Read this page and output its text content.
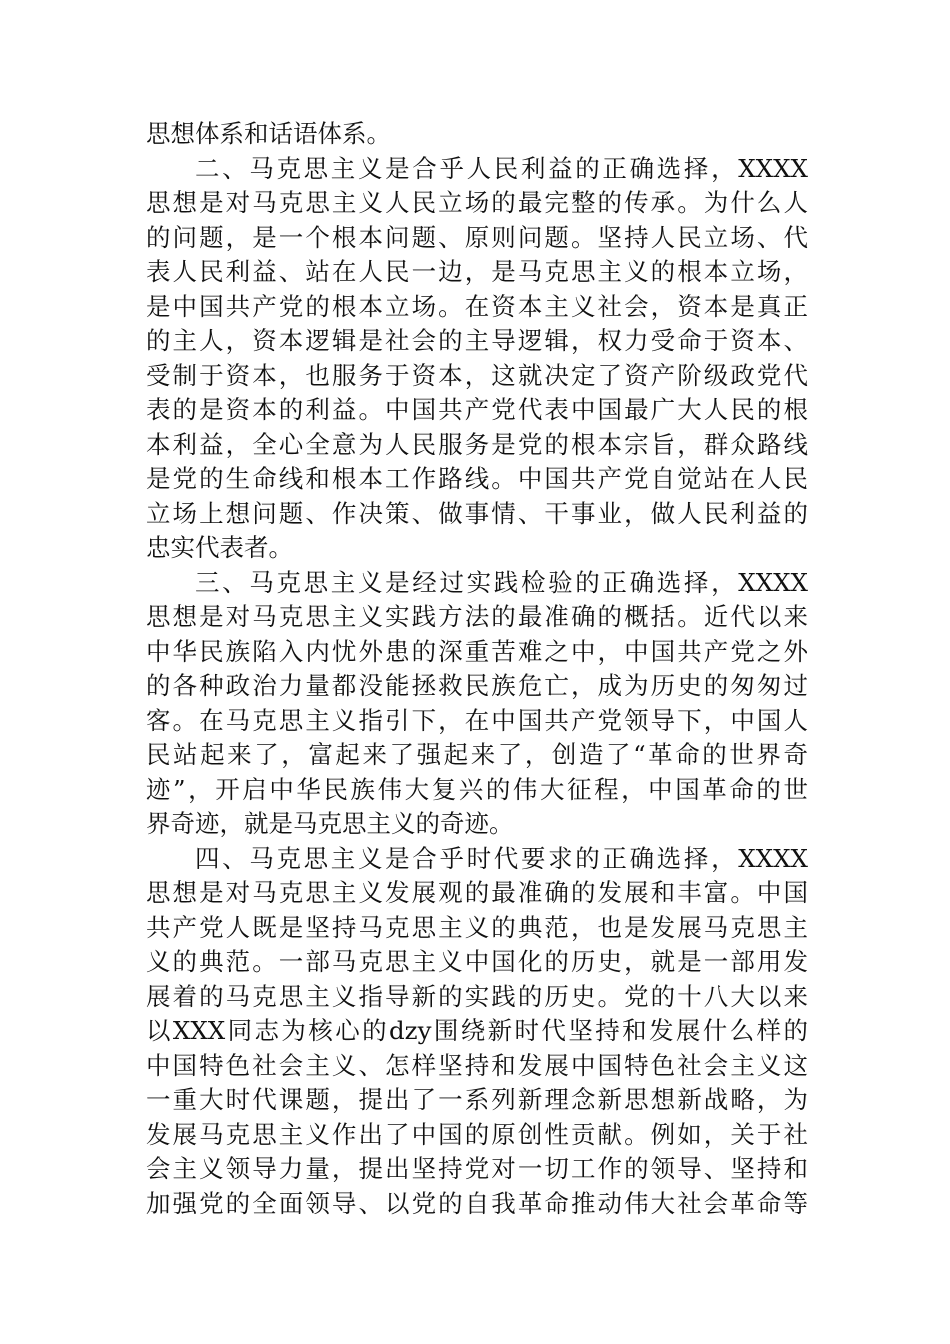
思想体系和话语体系。
二、马克思主义是合乎人民利益的正确选择，XXXX
思想是对马克思主义人民立场的最完整的传承。为什么人
的问题，是一个根本问题、原则问题。坚持人民立场、代
表人民利益、站在人民一边，是马克思主义的根本立场，
是中国共产党的根本立场。在资本主义社会，资本是真正
的主人，资本逻辑是社会的主导逻辑，权力受命于资本、
受制于资本，也服务于资本，这就决定了资产阶级政党代
表的是资本的利益。中国共产党代表中国最广大人民的根
本利益，全心全意为人民服务是党的根本宗旨，群众路线
是党的生命线和根本工作路线。中国共产党自觉站在人民
立场上想问题、作决策、做事情、干事业，做人民利益的
忠实代表者。
三、马克思主义是经过实践检验的正确选择，XXXX
思想是对马克思主义实践方法的最准确的概括。近代以来
中华民族陷入内忧外患的深重苦难之中，中国共产党之外
的各种政治力量都没能拯救民族危亡，成为历史的匆匆过
客。在马克思主义指引下，在中国共产党领导下，中国人
民站起来了，富起来了强起来了，创造了“革命的世界奇
迹”，开启中华民族伟大复兴的伟大征程，中国革命的世
界奇迹，就是马克思主义的奇迹。
四、马克思主义是合乎时代要求的正确选择，XXXX
思想是对马克思主义发展观的最准确的发展和丰富。中国
共产党人既是坚持马克思主义的典范，也是发展马克思主
义的典范。一部马克思主义中国化的历史，就是一部用发
展着的马克思主义指导新的实践的历史。党的十八大以来
以XXX同志为核心的dzy围绕新时代坚持和发展什么样的
中国特色社会主义、怎样坚持和发展中国特色社会主义这
一重大时代课题，提出了一系列新理念新思想新战略，为
发展马克思主义作出了中国的原创性贡献。例如，关于社
会主义领导力量，提出坚持党对一切工作的领导、坚持和
加强党的全面领导、以党的自我革命推动伟大社会革命等
